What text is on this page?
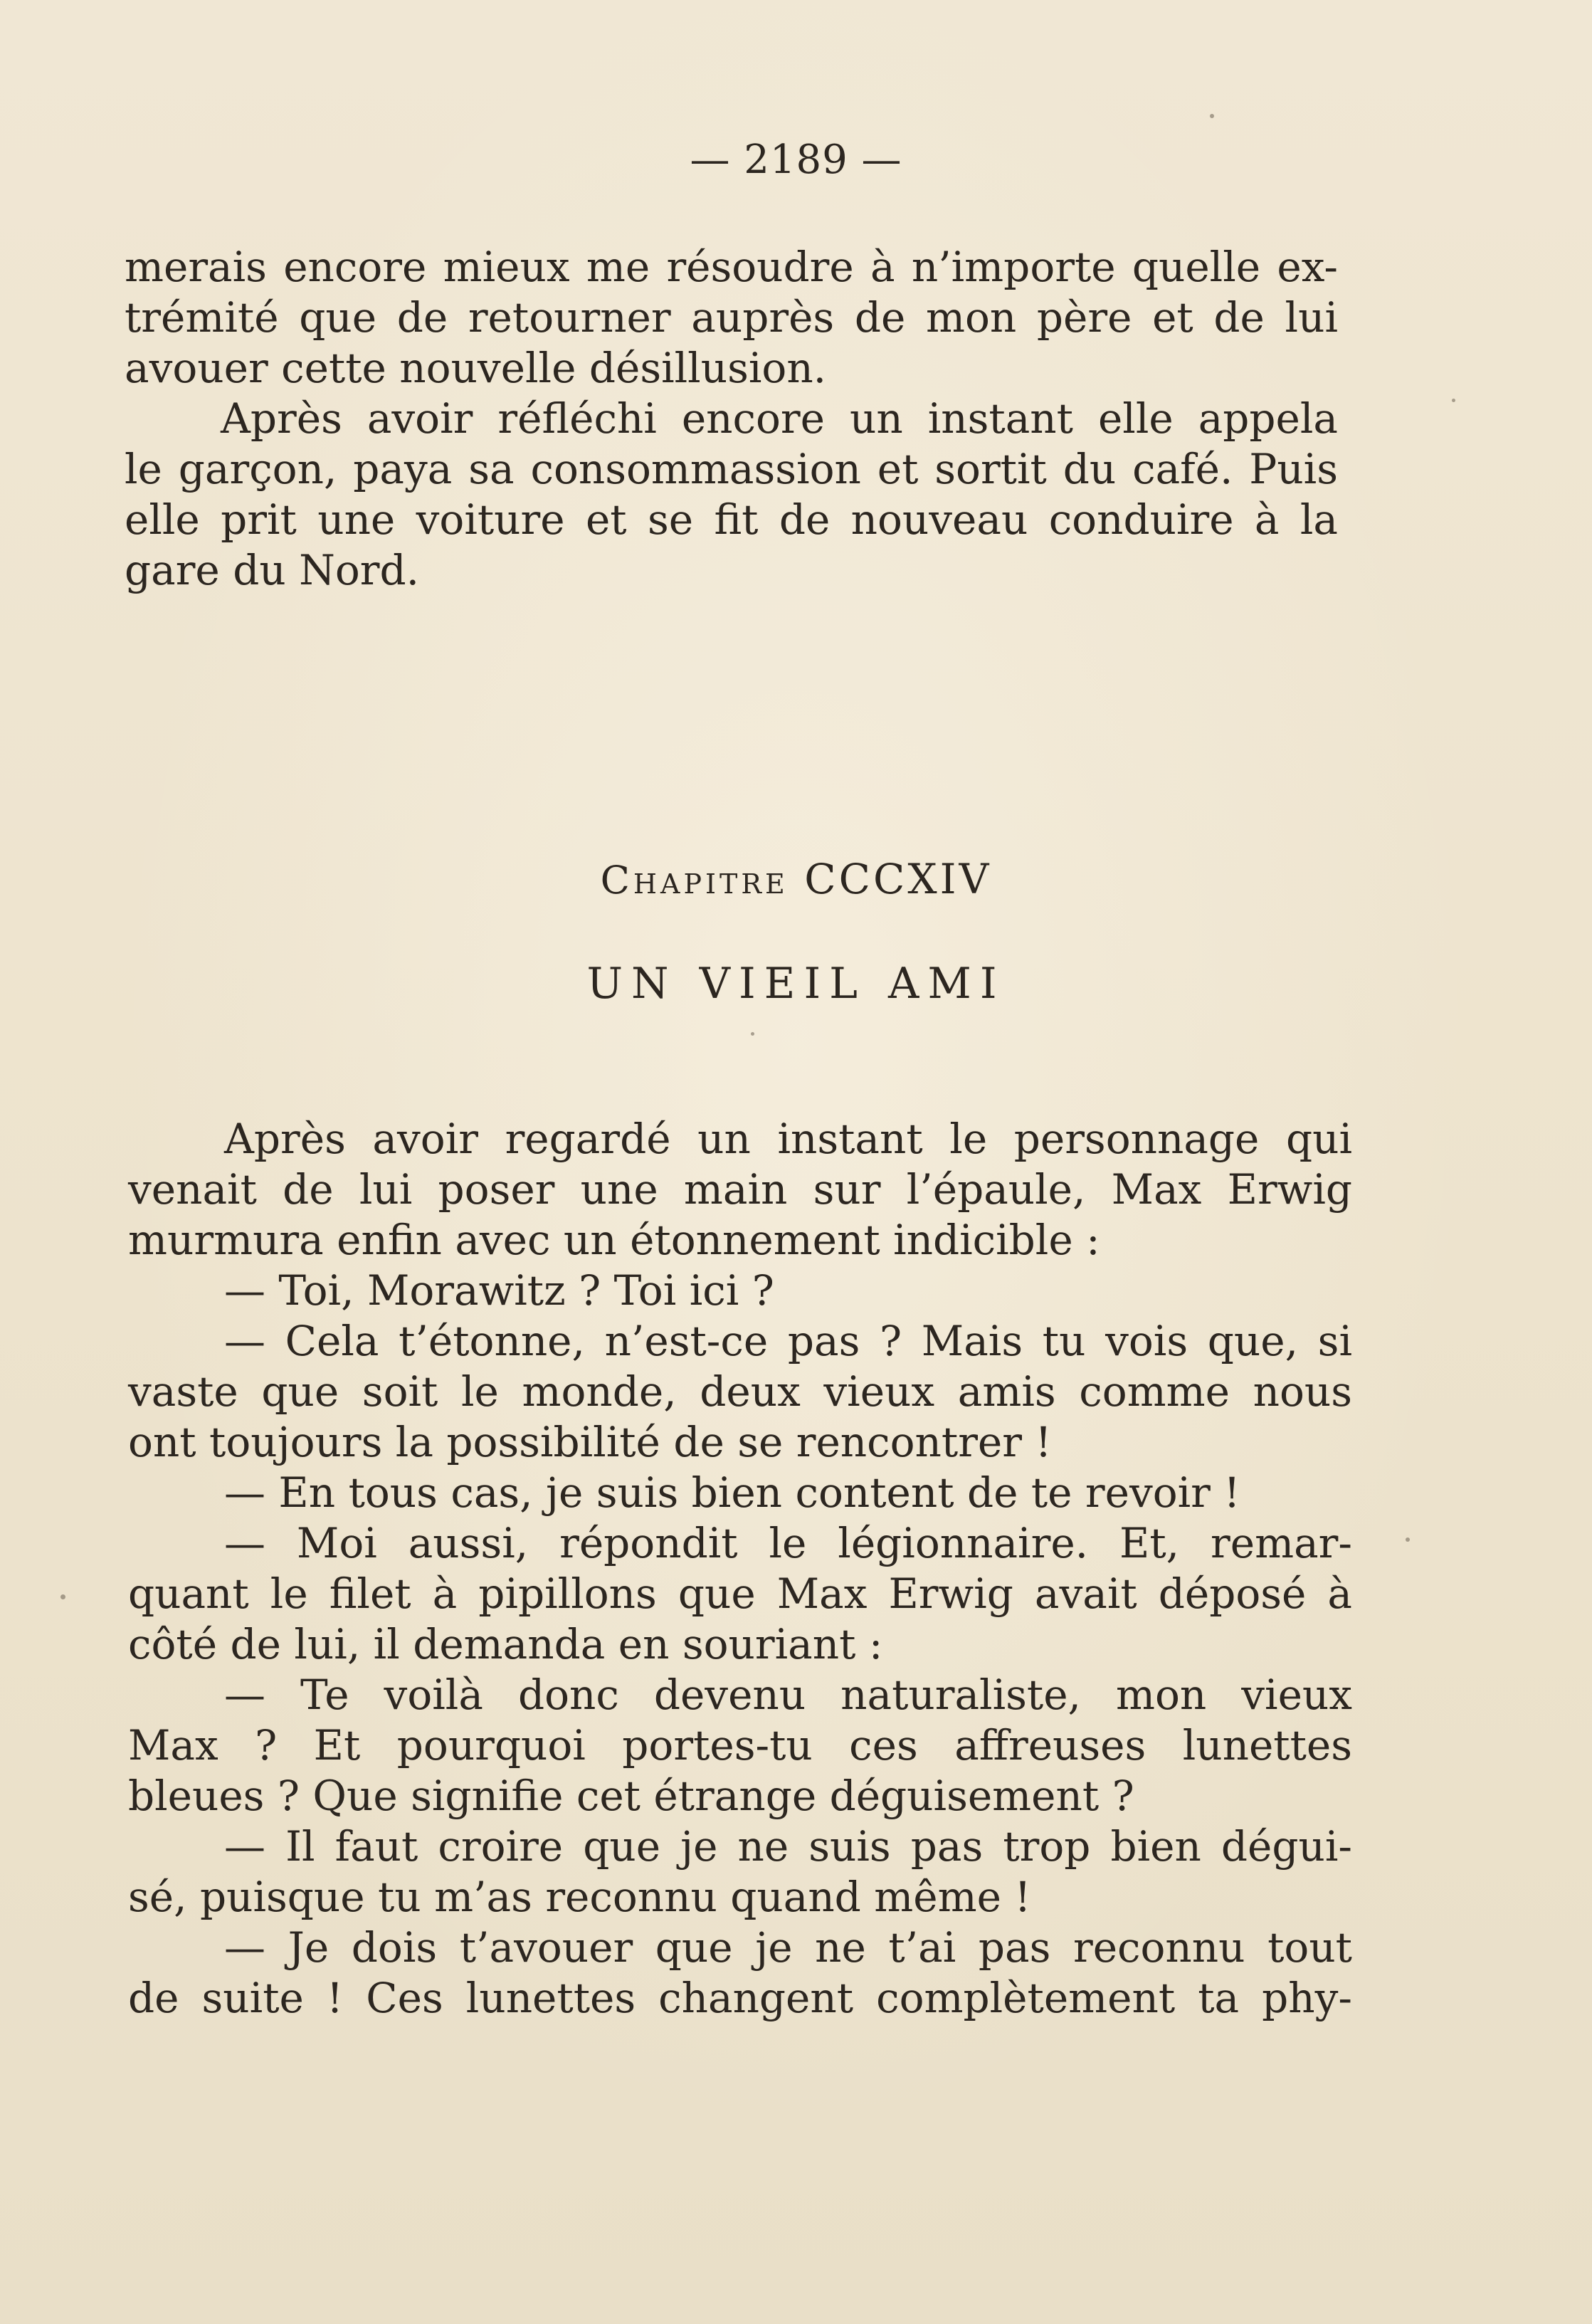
— 2189 —
merais encore mieux me résoudre à n’importe quelle ex-
trémité que de retourner auprès de mon père et de lui
avouer cette nouvelle désillusion.
Après avoir réfléchi encore un instant elle appela
le garçon, paya sa consommassion et sortit du café. Puis
elle prit une voiture et se fit de nouveau conduire à la
gare du Nord.
Chapitre CCCXIV
UN VIEIL AMI
Après avoir regardé un instant le personnage qui
venait de lui poser une main sur l’épaule, Max Erwig
murmura enfin avec un étonnement indicible :
— Toi, Morawitz ? Toi ici ?
— Cela t’étonne, n’est-ce pas ? Mais tu vois que, si
vaste que soit le monde, deux vieux amis comme nous
ont toujours la possibilité de se rencontrer !
— En tous cas, je suis bien content de te revoir !
— Moi aussi, répondit le légionnaire. Et, remar-
quant le filet à pipillons que Max Erwig avait déposé à
côté de lui, il demanda en souriant :
— Te voilà donc devenu naturaliste, mon vieux
Max ? Et pourquoi portes-tu ces affreuses lunettes
bleues ? Que signifie cet étrange déguisement ?
— Il faut croire que je ne suis pas trop bien dégui-
sé, puisque tu m’as reconnu quand même !
— Je dois t’avouer que je ne t’ai pas reconnu tout
de suite ! Ces lunettes changent complètement ta phy-
